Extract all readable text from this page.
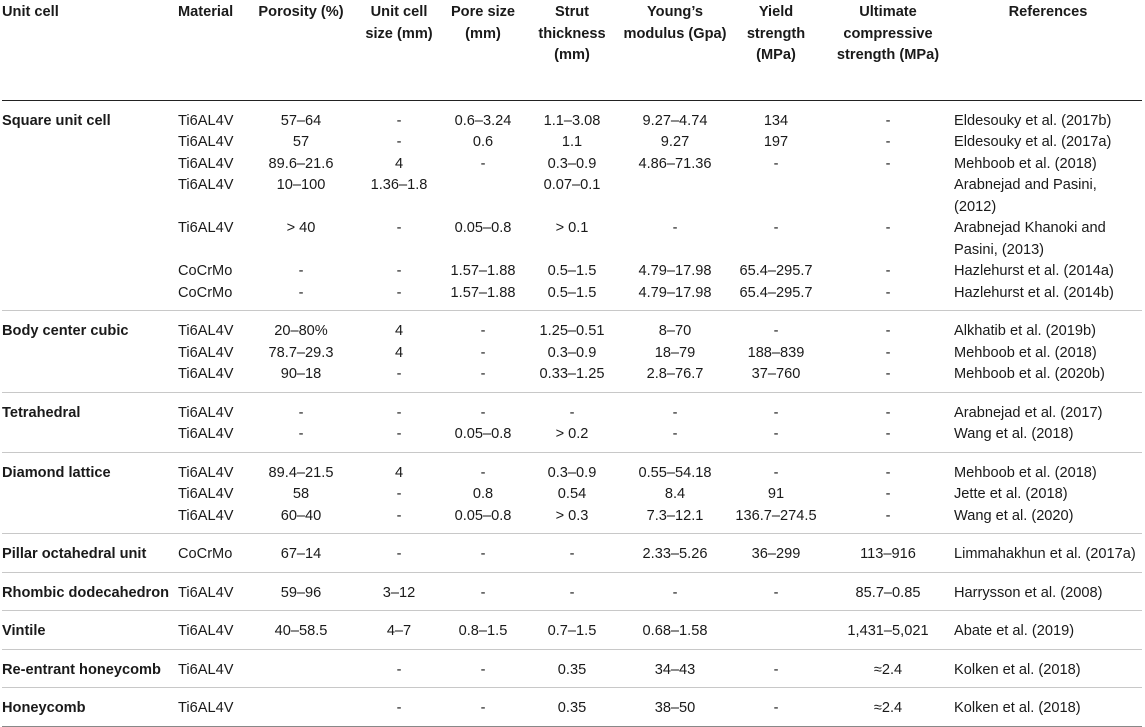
Unit cell	Material	Porosity (%)	Unit cell size (mm)	Pore size (mm)	Strut thickness (mm)	Young’s modulus (Gpa)	Yield strength (MPa)	Ultimate compressive strength (MPa)	References
Square unit cell	Ti6AL4V	57–64	-	0.6–3.24	1.1–3.08	9.27–4.74	134	-	Eldesouky et al. (2017b)
	Ti6AL4V	57	-	0.6	1.1	9.27	197	-	Eldesouky et al. (2017a)
	Ti6AL4V	89.6–21.6	4	-	0.3–0.9	4.86–71.36	-	-	Mehboob et al. (2018)
	Ti6AL4V	10–100	1.36–1.8		0.07–0.1				Arabnejad and Pasini, (2012)
	Ti6AL4V	> 40	-	0.05–0.8	> 0.1	-	-	-	Arabnejad Khanoki and Pasini, (2013)
	CoCrMo	-	-	1.57–1.88	0.5–1.5	4.79–17.98	65.4–295.7	-	Hazlehurst et al. (2014a)
	CoCrMo	-	-	1.57–1.88	0.5–1.5	4.79–17.98	65.4–295.7	-	Hazlehurst et al. (2014b)
Body center cubic	Ti6AL4V	20–80%	4	-	1.25–0.51	8–70	-	-	Alkhatib et al. (2019b)
	Ti6AL4V	78.7–29.3	4	-	0.3–0.9	18–79	188–839	-	Mehboob et al. (2018)
	Ti6AL4V	90–18	-	-	0.33–1.25	2.8–76.7	37–760	-	Mehboob et al. (2020b)
Tetrahedral	Ti6AL4V	-	-	-	-	-	-	-	Arabnejad et al. (2017)
	Ti6AL4V	-	-	0.05–0.8	> 0.2	-	-	-	Wang et al. (2018)
Diamond lattice	Ti6AL4V	89.4–21.5	4	-	0.3–0.9	0.55–54.18	-	-	Mehboob et al. (2018)
	Ti6AL4V	58	-	0.8	0.54	8.4	91	-	Jette et al. (2018)
	Ti6AL4V	60–40	-	0.05–0.8	> 0.3	7.3–12.1	136.7–274.5	-	Wang et al. (2020)
Pillar octahedral unit	CoCrMo	67–14	-	-	-	2.33–5.26	36–299	113–916	Limmahakhun et al. (2017a)
Rhombic dodecahedron	Ti6AL4V	59–96	3–12	-	-	-	-	85.7–0.85	Harrysson et al. (2008)
Vintile	Ti6AL4V	40–58.5	4–7	0.8–1.5	0.7–1.5	0.68–1.58		1,431–5,021	Abate et al. (2019)
Re-entrant honeycomb	Ti6AL4V		-	-	0.35	34–43	-	≈2.4	Kolken et al. (2018)
Honeycomb	Ti6AL4V		-	-	0.35	38–50	-	≈2.4	Kolken et al. (2018)
